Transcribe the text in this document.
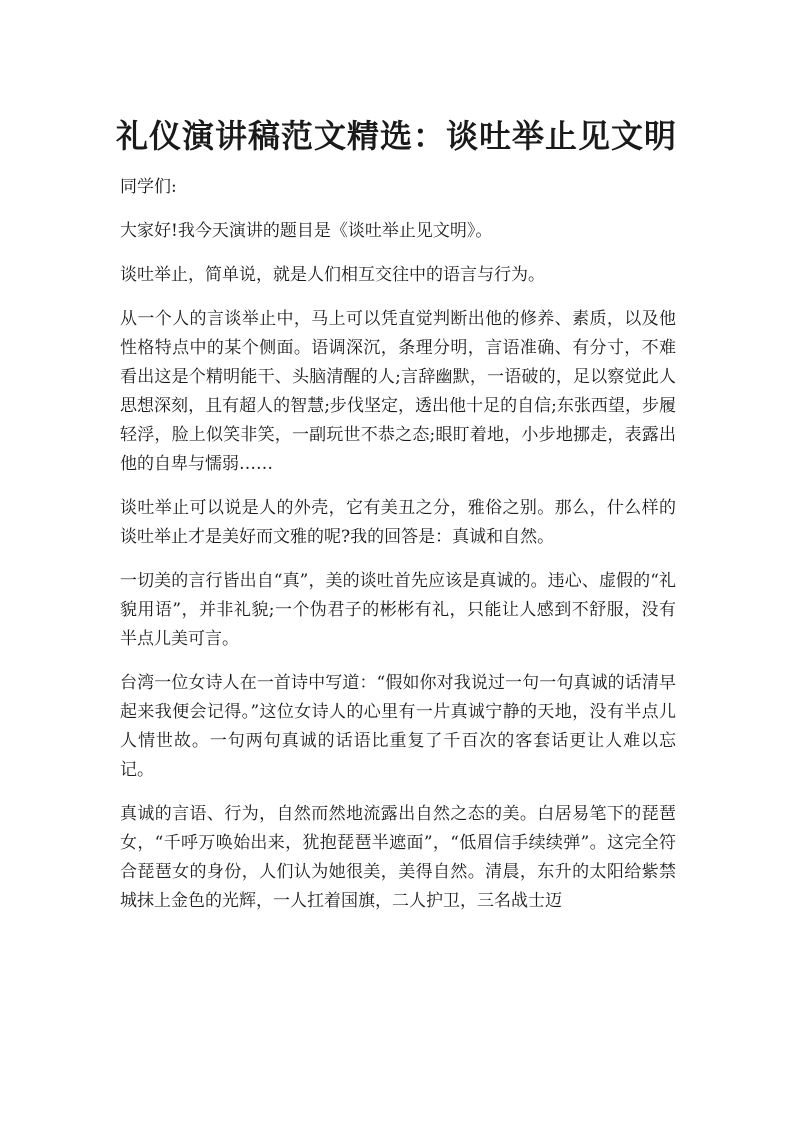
礼仪演讲稿范文精选：谈吐举止见文明

同学们:

大家好!我今天演讲的题目是《谈吐举止见文明》。

谈吐举止，简单说，就是人们相互交往中的语言与行为。

从一个人的言谈举止中，马上可以凭直觉判断出他的修养、素质，以及他性格特点中的某个侧面。语调深沉，条理分明，言语准确、有分寸，不难看出这是个精明能干、头脑清醒的人;言辞幽默，一语破的，足以察觉此人思想深刻，且有超人的智慧;步伐坚定，透出他十足的自信;东张西望，步履轻浮，脸上似笑非笑，一副玩世不恭之态;眼盯着地，小步地挪走，表露出他的自卑与懦弱……

谈吐举止可以说是人的外壳，它有美丑之分，雅俗之别。那么，什么样的谈吐举止才是美好而文雅的呢?我的回答是：真诚和自然。

一切美的言行皆出自“真”，美的谈吐首先应该是真诚的。违心、虚假的“礼貌用语”，并非礼貌;一个伪君子的彬彬有礼，只能让人感到不舒服，没有半点儿美可言。

台湾一位女诗人在一首诗中写道：“假如你对我说过一句一句真诚的话清早起来我便会记得。”这位女诗人的心里有一片真诚宁静的天地，没有半点儿人情世故。一句两句真诚的话语比重复了千百次的客套话更让人难以忘记。

真诚的言语、行为，自然而然地流露出自然之态的美。白居易笔下的琵琶女，“千呼万唤始出来，犹抱琵琶半遮面”，“低眉信手续续弹”。这完全符合琵琶女的身份，人们认为她很美，美得自然。清晨，东升的太阳给紫禁城抹上金色的光辉，一人扛着国旗，二人护卫，三名战士迈
